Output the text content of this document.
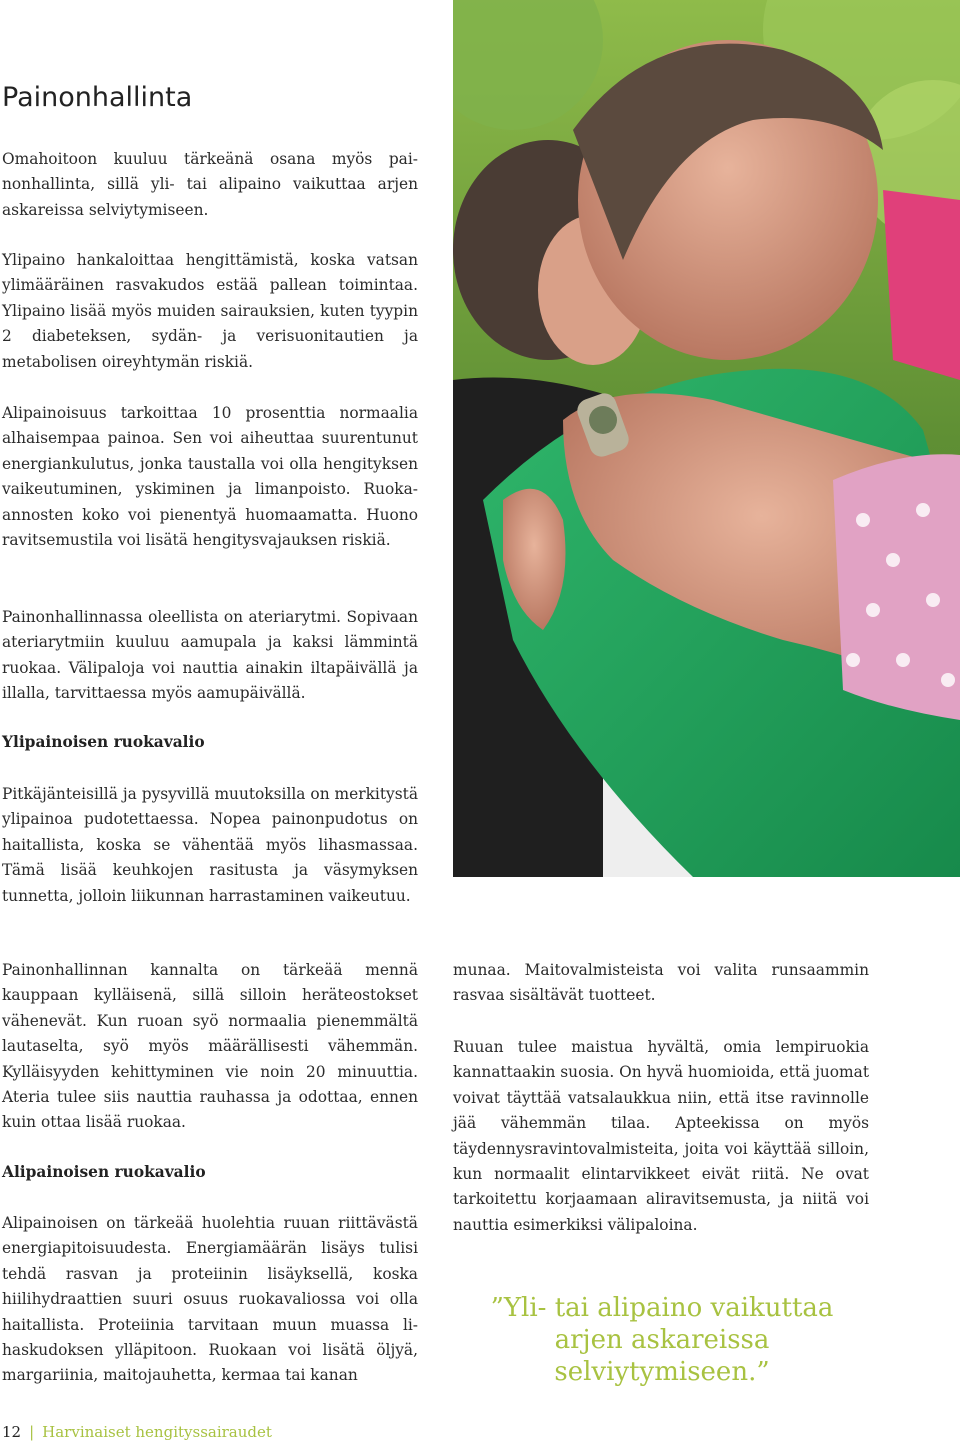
Painonhallinta

Omahoitoon kuuluu tärkeänä osana myös painonhallinta, sillä yli- tai alipaino vaikuttaa arjen askareissa selviytymiseen.

Ylipaino hankaloittaa hengittämistä, koska vatsan ylimääräinen rasvakudos estää pallean toimintaa. Ylipaino lisää myös muiden sairauksien, kuten tyypin 2 diabeteksen, sydän- ja verisuonitautien ja metabolisen oireyhtymän riskiä.

Alipainoisuus tarkoittaa 10 prosenttia normaalia alhaisempaa painoa. Sen voi aiheuttaa suurentunut energiankulutus, jonka taustalla voi olla hengityksen vaikeutuminen, yskiminen ja limanpoisto. Ruoka-annosten koko voi pienentyä huomaamatta. Huono ravitsemustila voi lisätä hengitysvajauksen riskiä.

Painonhallinnassa oleellista on ateriarytmi. Sopivaan ateriarytmiin kuuluu aamupala ja kaksi lämmintä ruokaa. Välipaloja voi nauttia ainakin iltapäivällä ja illalla, tarvittaessa myös aamupäivällä.

Ylipainoisen ruokavalio

Pitkäjänteisillä ja pysyvillä muutoksilla on merkitystä ylipainoa pudotettaessa. Nopea painonpudotus on haitallista, koska se vähentää myös lihasmassaa. Tämä lisää keuhkojen rasitusta ja väsymyksen tunnetta, jolloin liikunnan harrastaminen vaikeutuu.

Painonhallinnan kannalta on tärkeää mennä kauppaan kylläisenä, sillä silloin heräteostokset vähenevät. Kun ruoan syö normaalia pienemmältä lautaselta, syö myös määrällisesti vähemmän. Kylläisyyden kehittyminen vie noin 20 minuuttia. Ateria tulee siis nauttia rauhassa ja odottaa, ennen kuin ottaa lisää ruokaa.

Alipainoisen ruokavalio

Alipainoisen on tärkeää huolehtia ruuan riittävästä energiapitoisuudesta. Energiamäärän lisäys tulisi tehdä rasvan ja proteiinin lisäyksellä, koska hiilihydraattien suuri osuus ruokavaliossa voi olla haitallista. Proteiinia tarvitaan muun muassa lihaskudoksen ylläpitoon. Ruokaan voi lisätä öljyä, margariinia, maitojauhetta, kermaa tai kanan

munaa. Maitovalmisteista voi valita runsaammin rasvaa sisältävät tuotteet.

Ruuan tulee maistua hyvältä, omia lempiruokia kannattaakin suosia. On hyvä huomioida, että juomat voivat täyttää vatsalaukkua niin, että itse ravinnolle jää vähemmän tilaa. Apteekissa on myös täydennysravintovalmisteita, joita voi käyttää silloin, kun normaalit elintarvikkeet eivät riitä. Ne ovat tarkoitettu korjaamaan aliravitsemusta, ja niitä voi nauttia esimerkiksi välipaloina.

”Yli- tai alipaino vaikuttaa arjen askareissa selviytymiseen.”
12 | Harvinaiset hengityssairaudet
